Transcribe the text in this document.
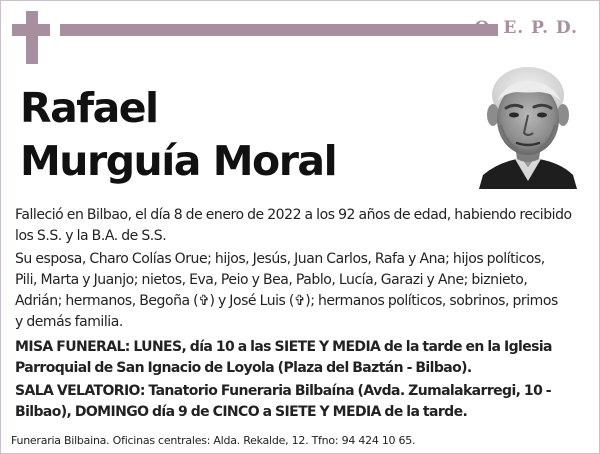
Q. E. P. D.
Rafael
Murguía Moral
Falleció en Bilbao, el día 8 de enero de 2022 a los 92 años de edad, habiendo recibido
los S.S. y la B.A. de S.S.
Su esposa, Charo Colías Orue; hijos, Jesús, Juan Carlos, Rafa y Ana; hijos políticos,
Pili, Marta y Juanjo; nietos, Eva, Peio y Bea, Pablo, Lucía, Garazi y Ane; biznieto,
Adrián; hermanos, Begoña (✞) y José Luis (✞); hermanos políticos, sobrinos, primos
y demás familia.
MISA FUNERAL: LUNES, día 10 a las SIETE Y MEDIA de la tarde en la Iglesia
Parroquial de San Ignacio de Loyola (Plaza del Baztán - Bilbao).
SALA VELATORIO: Tanatorio Funeraria Bilbaína (Avda. Zumalakarregi, 10 -
Bilbao), DOMINGO día 9 de CINCO a SIETE Y MEDIA de la tarde.
Funeraria Bilbaina. Oficinas centrales: Alda. Rekalde, 12. Tfno: 94 424 10 65.
